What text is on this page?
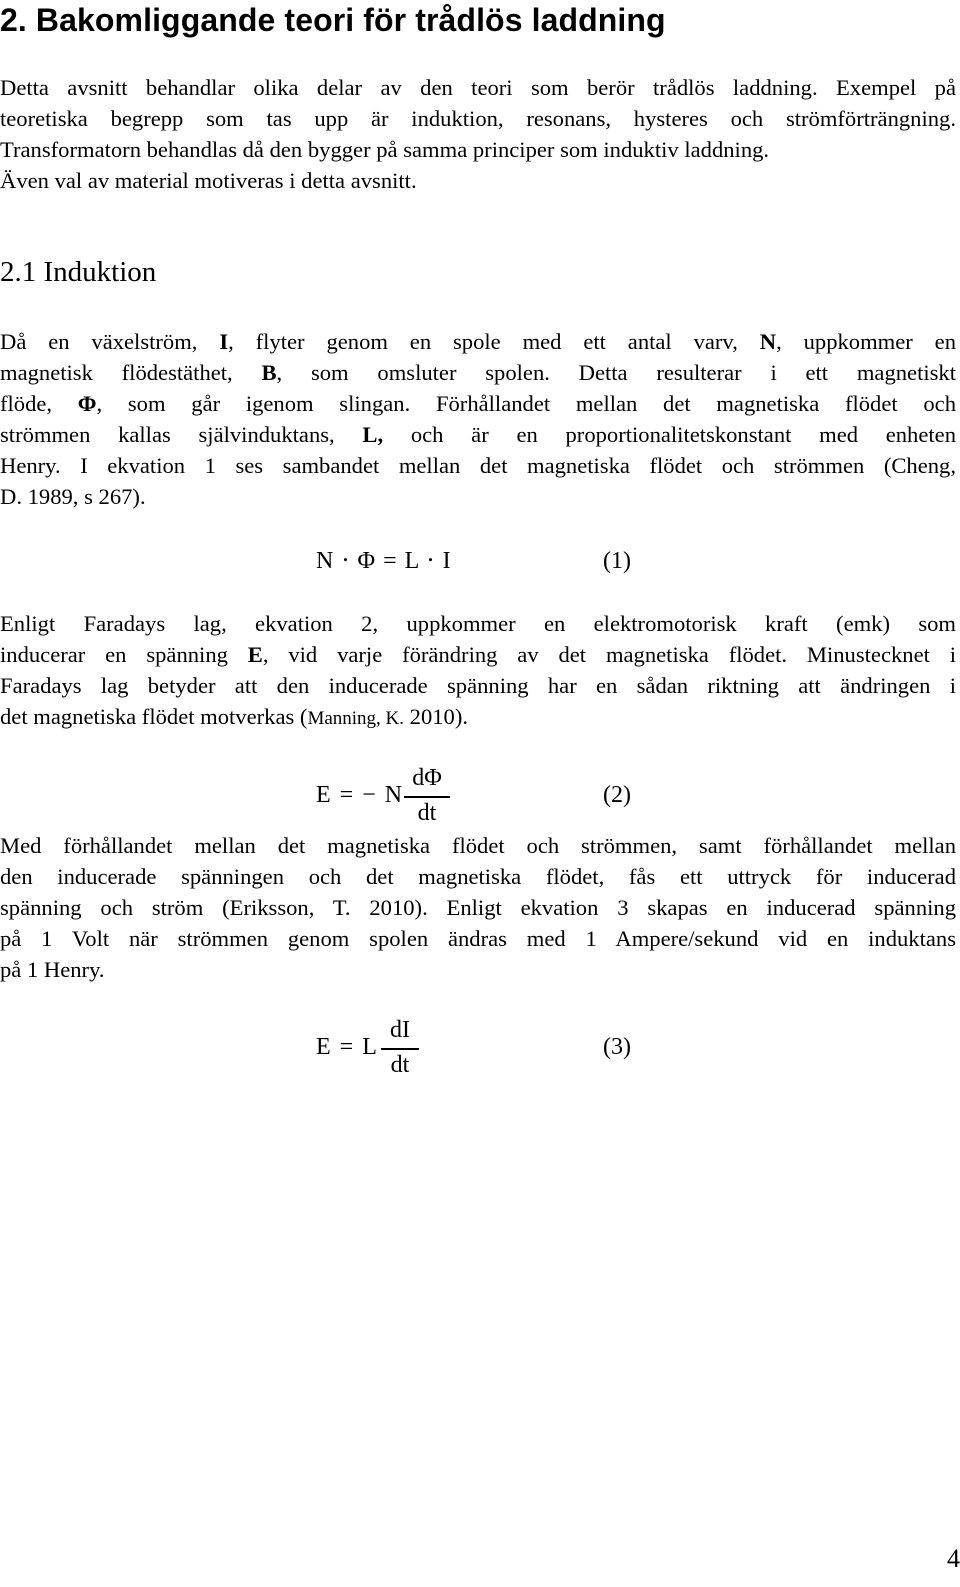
2. Bakomliggande teori för trådlös laddning
Detta avsnitt behandlar olika delar av den teori som berör trådlös laddning. Exempel på
teoretiska begrepp som tas upp är induktion, resonans, hysteres och strömförträngning.
Transformatorn behandlas då den bygger på samma principer som induktiv laddning.
Även val av material motiveras i detta avsnitt.
2.1 Induktion
Då en växelström, I, flyter genom en spole med ett antal varv, N, uppkommer en
magnetisk flödestäthet, B, som omsluter spolen. Detta resulterar i ett magnetiskt
flöde, Φ, som går igenom slingan. Förhållandet mellan det magnetiska flödet och
strömmen kallas självinduktans, L, och är en proportionalitetskonstant med enheten
Henry. I ekvation 1 ses sambandet mellan det magnetiska flödet och strömmen (Cheng,
D. 1989, s 267).
N ⋅ Φ = L ⋅ I	(1)
Enligt Faradays lag, ekvation 2, uppkommer en elektromotorisk kraft (emk) som
inducerar en spänning E, vid varje förändring av det magnetiska flödet. Minustecknet i
Faradays lag betyder att den inducerade spänning har en sådan riktning att ändringen i
det magnetiska flödet motverkas (Manning, K. 2010).
E = − N
dΦ
dt
(2)
Med förhållandet mellan det magnetiska flödet och strömmen, samt förhållandet mellan
den inducerade spänningen och det magnetiska flödet, fås ett uttryck för inducerad
spänning och ström (Eriksson, T. 2010). Enligt ekvation 3 skapas en inducerad spänning
på 1 Volt när strömmen genom spolen ändras med 1 Ampere/sekund vid en induktans
på 1 Henry.
E = L
dI
dt
(3)
4
